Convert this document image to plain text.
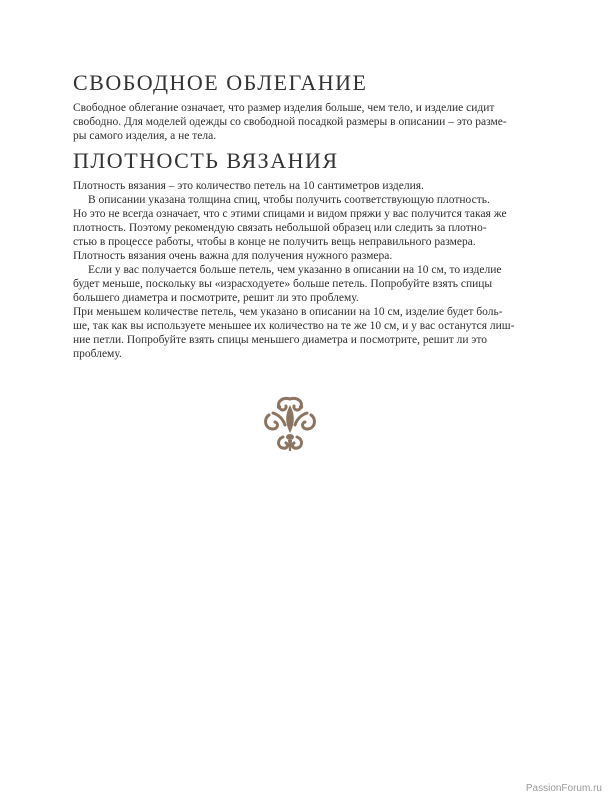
СВОБОДНОЕ ОБЛЕГАНИЕ
Свободное облегание означает, что размер изделия больше, чем тело, и изделие сидит
свободно. Для моделей одежды со свободной посадкой размеры в описании – это разме-
ры самого изделия, а не тела.
ПЛОТНОСТЬ ВЯЗАНИЯ
Плотность вязания – это количество петель на 10 сантиметров изделия.
В описании указана толщина спиц, чтобы получить соответствующую плотность.
Но это не всегда означает, что с этими спицами и видом пряжи у вас получится такая же
плотность. Поэтому рекомендую связать небольшой образец или следить за плотно-
стью в процессе работы, чтобы в конце не получить вещь неправильного размера.
Плотность вязания очень важна для получения нужного размера.
Если у вас получается больше петель, чем указанно в описании на 10 см, то изделие
будет меньше, поскольку вы «израсходуете» больше петель. Попробуйте взять спицы
большего диаметра и посмотрите, решит ли это проблему.
При меньшем количестве петель, чем указано в описании на 10 см, изделие будет боль-
ше, так как вы используете меньшее их количество на те же 10 см, и у вас останутся лиш-
ние петли. Попробуйте взять спицы меньшего диаметра и посмотрите, решит ли это
проблему.
PassionForum.ru
